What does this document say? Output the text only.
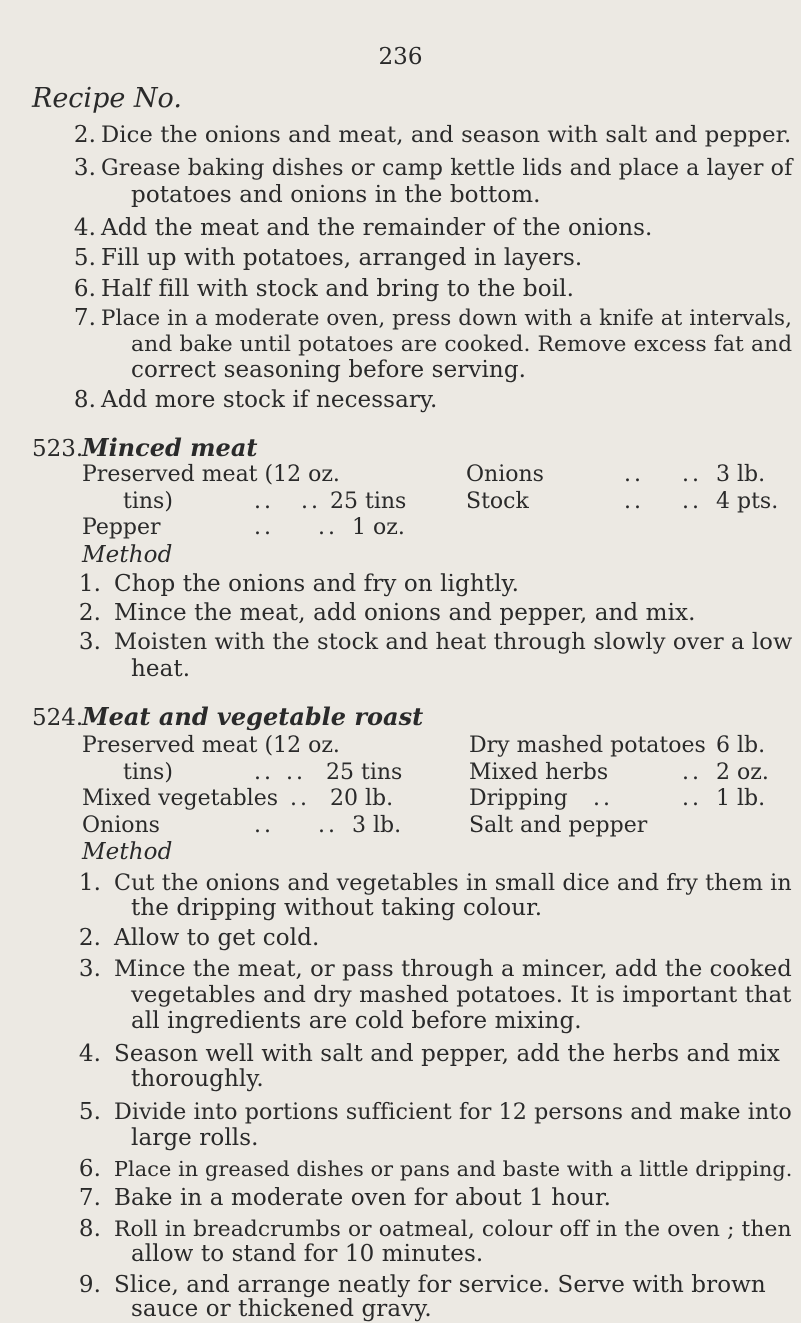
236
Recipe No.
2. Dice the onions and meat, and season with salt and pepper.
3. Grease baking dishes or camp kettle lids and place a layer of
potatoes and onions in the bottom.
4. Add the meat and the remainder of the onions.
5. Fill up with potatoes, arranged in layers.
6. Half fill with stock and bring to the boil.
7. Place in a moderate oven, press down with a knife at intervals,
and bake until potatoes are cooked. Remove excess fat and
correct seasoning before serving.
8. Add more stock if necessary.
523.
Minced meat
Preserved meat (12 oz.
tins)	.. .. 25 tins
Pepper	.. .. 1 oz.
Onions	.. .. 3 lb.
Stock	.. .. 4 pts.
Method
1. Chop the onions and fry on lightly.
2. Mince the meat, add onions and pepper, and mix.
3. Moisten with the stock and heat through slowly over a low
heat.
524.
Meat and vegetable roast
Preserved meat (12 oz.
tins)	.. .. 25 tins
Mixed vegetables .. 20 lb.
Onions	.. .. 3 lb.
Dry mashed potatoes 6 lb.
Mixed herbs	.. 2 oz.
Dripping ..	.. 1 lb.
Salt and pepper
Method
1. Cut the onions and vegetables in small dice and fry them in
the dripping without taking colour.
2. Allow to get cold.
3. Mince the meat, or pass through a mincer, add the cooked
vegetables and dry mashed potatoes. It is important that
all ingredients are cold before mixing.
4. Season well with salt and pepper, add the herbs and mix
thoroughly.
5. Divide into portions sufficient for 12 persons and make into
large rolls.
6. Place in greased dishes or pans and baste with a little dripping.
7. Bake in a moderate oven for about 1 hour.
8. Roll in breadcrumbs or oatmeal, colour off in the oven ; then
allow to stand for 10 minutes.
9. Slice, and arrange neatly for service. Serve with brown
sauce or thickened gravy.
